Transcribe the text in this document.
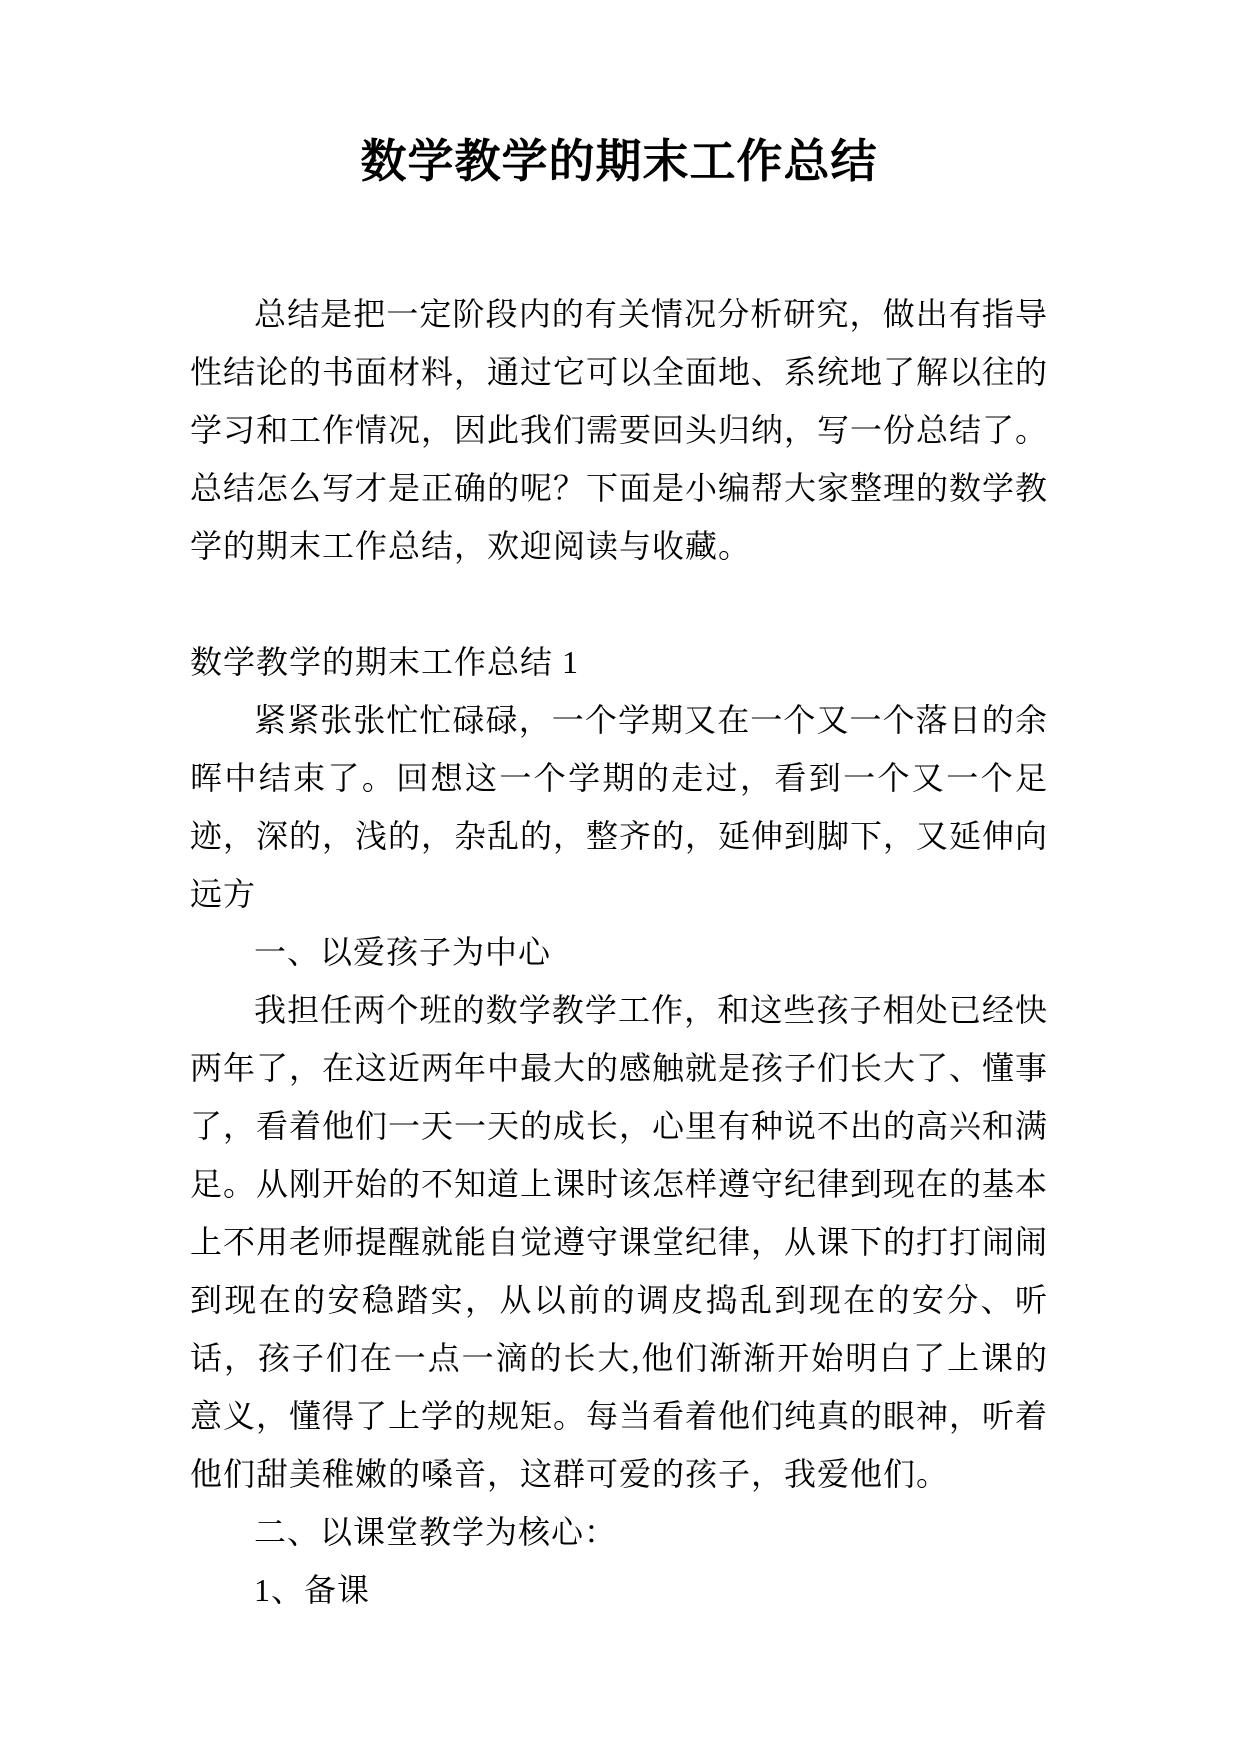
数学教学的期末工作总结

总结是把一定阶段内的有关情况分析研究，做出有指导性结论的书面材料，通过它可以全面地、系统地了解以往的学习和工作情况，因此我们需要回头归纳，写一份总结了。总结怎么写才是正确的呢？下面是小编帮大家整理的数学教学的期末工作总结，欢迎阅读与收藏。

数学教学的期末工作总结 1

紧紧张张忙忙碌碌，一个学期又在一个又一个落日的余晖中结束了。回想这一个学期的走过，看到一个又一个足迹，深的，浅的，杂乱的，整齐的，延伸到脚下，又延伸向远方

一、以爱孩子为中心

我担任两个班的数学教学工作，和这些孩子相处已经快两年了，在这近两年中最大的感触就是孩子们长大了、懂事了，看着他们一天一天的成长，心里有种说不出的高兴和满足。从刚开始的不知道上课时该怎样遵守纪律到现在的基本上不用老师提醒就能自觉遵守课堂纪律，从课下的打打闹闹到现在的安稳踏实，从以前的调皮捣乱到现在的安分、听话，孩子们在一点一滴的长大,他们渐渐开始明白了上课的意义，懂得了上学的规矩。每当看着他们纯真的眼神，听着他们甜美稚嫩的嗓音，这群可爱的孩子，我爱他们。

二、以课堂教学为核心：

1、备课
